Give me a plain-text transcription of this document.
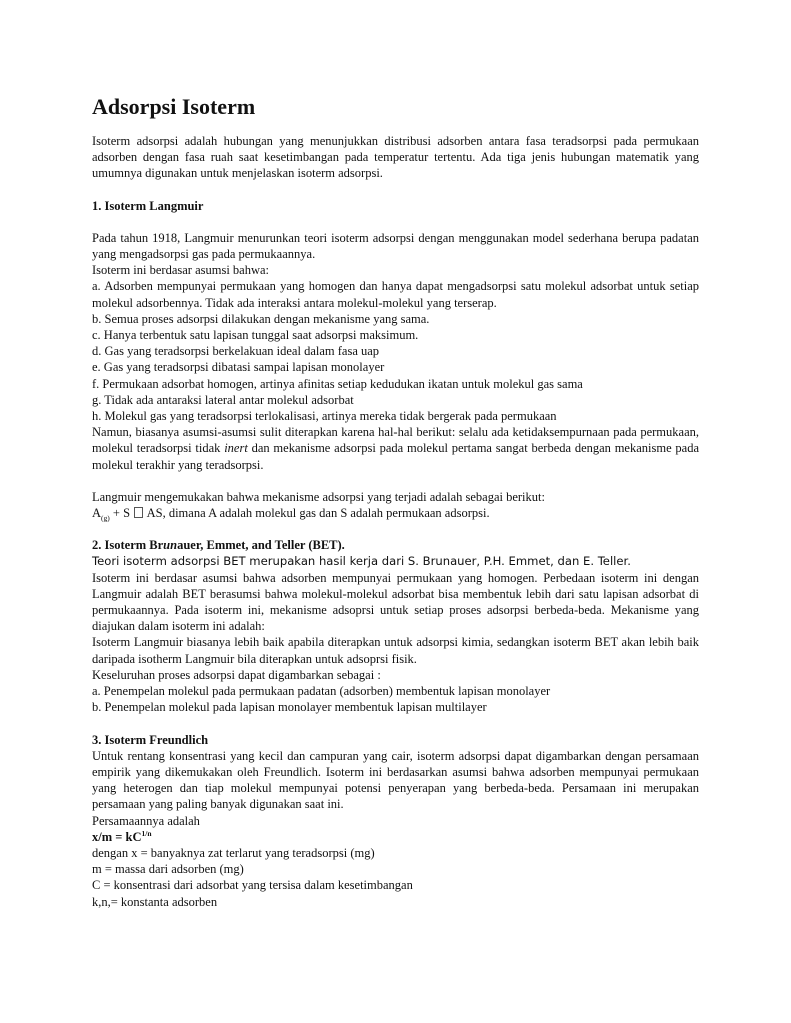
Adsorpsi Isoterm

Isoterm adsorpsi adalah hubungan yang menunjukkan distribusi adsorben antara fasa teradsorpsi pada permukaan adsorben dengan fasa ruah saat kesetimbangan pada temperatur tertentu. Ada tiga jenis hubungan matematik yang umumnya digunakan untuk menjelaskan isoterm adsorpsi.

1. Isoterm Langmuir

Pada tahun 1918, Langmuir menurunkan teori isoterm adsorpsi dengan menggunakan model sederhana berupa padatan yang mengadsorpsi gas pada permukaannya.

Isoterm ini berdasar asumsi bahwa:

a. Adsorben mempunyai permukaan yang homogen dan hanya dapat mengadsorpsi satu molekul adsorbat untuk setiap molekul adsorbennya. Tidak ada interaksi antara molekul-molekul yang terserap.

b. Semua proses adsorpsi dilakukan dengan mekanisme yang sama.

c. Hanya terbentuk satu lapisan tunggal saat adsorpsi maksimum.

d. Gas yang teradsorpsi berkelakuan ideal dalam fasa uap

e. Gas yang teradsorpsi dibatasi sampai lapisan monolayer

f. Permukaan adsorbat homogen, artinya afinitas setiap kedudukan ikatan untuk molekul gas sama

g. Tidak ada antaraksi lateral antar molekul adsorbat

h. Molekul gas yang teradsorpsi terlokalisasi, artinya mereka tidak bergerak pada permukaan

Namun, biasanya asumsi-asumsi sulit diterapkan karena hal-hal berikut: selalu ada ketidaksempurnaan pada permukaan, molekul teradsorpsi tidak inert dan mekanisme adsorpsi pada molekul pertama sangat berbeda dengan mekanisme pada molekul terakhir yang teradsorpsi.

Langmuir mengemukakan bahwa mekanisme adsorpsi yang terjadi adalah sebagai berikut:

$A_{(g)} + S$  AS, dimana A adalah molekul gas dan S adalah permukaan adsorpsi.

2. Isoterm Brunauer, Emmet, and Teller (BET).

Teori isoterm adsorpsi BET merupakan hasil kerja dari S. Brunauer, P.H. Emmet, dan E. Teller.

Isoterm ini berdasar asumsi bahwa adsorben mempunyai permukaan yang homogen. Perbedaan isoterm ini dengan Langmuir adalah BET berasumsi bahwa molekul-molekul adsorbat bisa membentuk lebih dari satu lapisan adsorbat di permukaannya. Pada isoterm ini, mekanisme adsoprsi untuk setiap proses adsorpsi berbeda-beda. Mekanisme yang diajukan dalam isoterm ini adalah:

Isoterm Langmuir biasanya lebih baik apabila diterapkan untuk adsorpsi kimia, sedangkan isoterm BET akan lebih baik daripada isotherm Langmuir bila diterapkan untuk adsoprsi fisik.

Keseluruhan proses adsorpsi dapat digambarkan sebagai :

a. Penempelan molekul pada permukaan padatan (adsorben) membentuk lapisan monolayer

b. Penempelan molekul pada lapisan monolayer membentuk lapisan multilayer

3. Isoterm Freundlich

Untuk rentang konsentrasi yang kecil dan campuran yang cair, isoterm adsorpsi dapat digambarkan dengan persamaan empirik yang dikemukakan oleh Freundlich. Isoterm ini berdasarkan asumsi bahwa adsorben mempunyai permukaan yang heterogen dan tiap molekul mempunyai potensi penyerapan yang berbeda-beda. Persamaan ini merupakan persamaan yang paling banyak digunakan saat ini.

Persamaannya adalah

$x/m = kC^{1/n}$

dengan x = banyaknya zat terlarut yang teradsorpsi (mg)

m = massa dari adsorben (mg)

C = konsentrasi dari adsorbat yang tersisa dalam kesetimbangan

k,n,= konstanta adsorben
